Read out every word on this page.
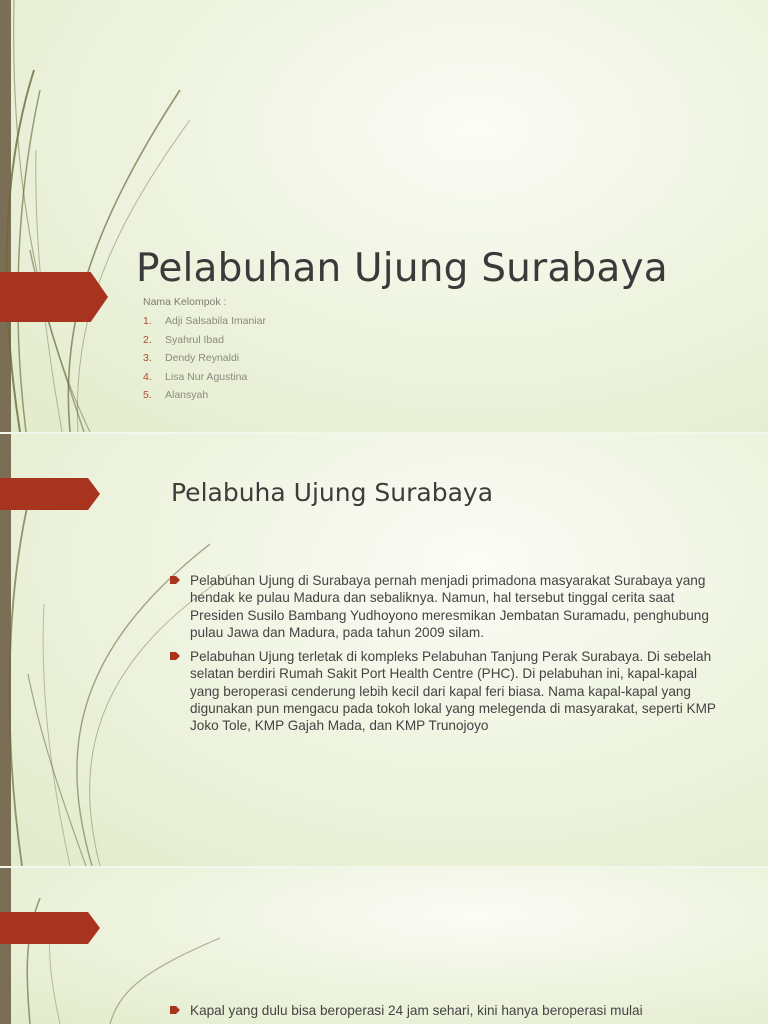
Pelabuhan Ujung Surabaya

Nama Kelompok :

1.	Adji Salsabila Imaniar
2.	Syahrul Ibad
3.	Dendy Reynaldi
4.	Lisa Nur Agustina
5.	Alansyah
Pelabuha Ujung Surabaya
Pelabuhan Ujung di Surabaya pernah menjadi primadona masyarakat Surabaya yang hendak ke pulau Madura dan sebaliknya. Namun, hal tersebut tinggal cerita saat Presiden Susilo Bambang Yudhoyono meresmikan Jembatan Suramadu, penghubung pulau Jawa dan Madura, pada tahun 2009 silam.
Pelabuhan Ujung terletak di kompleks Pelabuhan Tanjung Perak Surabaya. Di sebelah selatan berdiri Rumah Sakit Port Health Centre (PHC). Di pelabuhan ini, kapal-kapal yang beroperasi cenderung lebih kecil dari kapal feri biasa. Nama kapal-kapal yang digunakan pun mengacu pada tokoh lokal yang melegenda di masyarakat, seperti KMP Joko Tole, KMP Gajah Mada, dan KMP Trunojoyo
Kapal yang dulu bisa beroperasi 24 jam sehari, kini hanya beroperasi mulai
